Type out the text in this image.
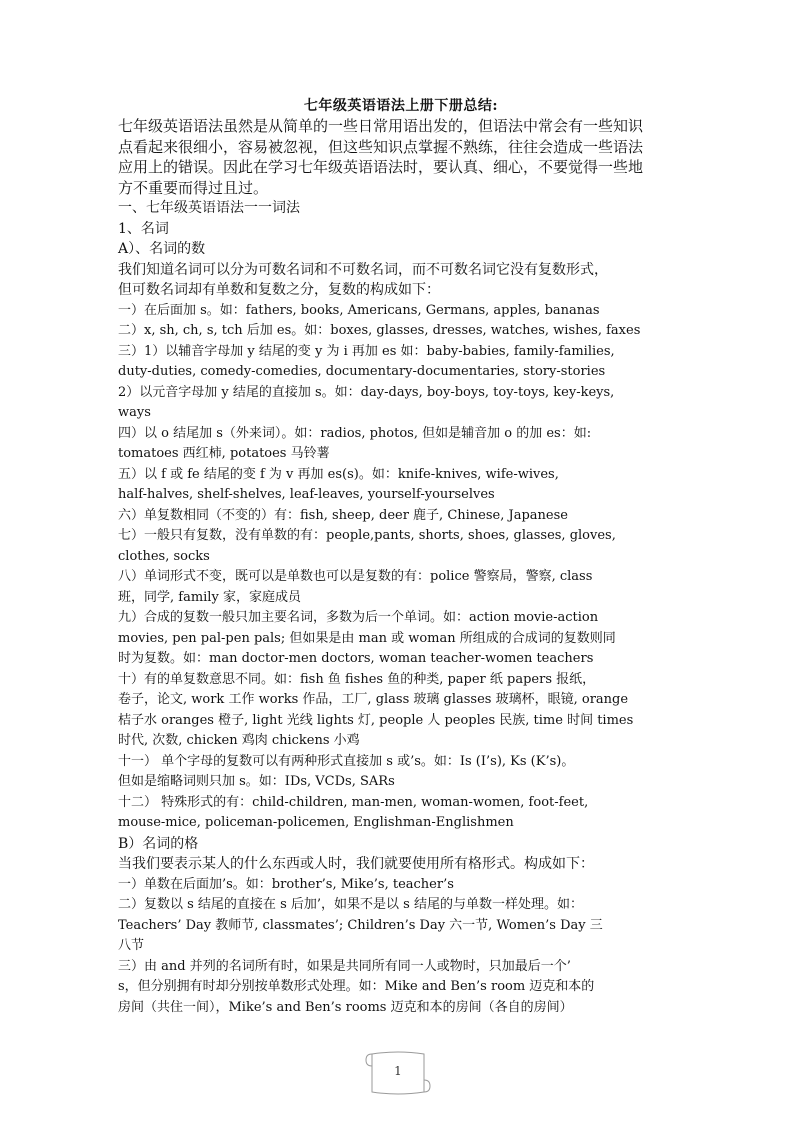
七年级英语语法上册下册总结:
七年级英语语法虽然是从简单的一些日常用语出发的，但语法中常会有一些知识
点看起来很细小，容易被忽视，但这些知识点掌握不熟练，往往会造成一些语法
应用上的错误。因此在学习七年级英语语法时，要认真、细心，不要觉得一些地
方不重要而得过且过。
一、七年级英语语法一一词法
1、名词
A）、名词的数
我们知道名词可以分为可数名词和不可数名词，而不可数名词它没有复数形式，
但可数名词却有单数和复数之分，复数的构成如下：
一）在后面加 s。如：fathers, books, Americans, Germans, apples, bananas
二）x, sh, ch, s, tch 后加 es。如：boxes, glasses, dresses, watches, wishes, faxes
三）1）以辅音字母加 y 结尾的变 y 为 i 再加 es 如：baby-babies, family-families,
duty-duties, comedy-comedies, documentary-documentaries, story-stories
2）以元音字母加 y 结尾的直接加 s。如：day-days, boy-boys, toy-toys, key-keys,
ways
四）以 o 结尾加 s（外来词）。如：radios, photos, 但如是辅音加 o 的加 es：如:
tomatoes 西红柿, potatoes 马铃薯
五）以 f 或 fe 结尾的变 f 为 v 再加 es(s)。如：knife-knives, wife-wives,
half-halves, shelf-shelves, leaf-leaves, yourself-yourselves
六）单复数相同（不变的）有：fish, sheep, deer 鹿子, Chinese, Japanese
七）一般只有复数，没有单数的有：people,pants, shorts, shoes, glasses, gloves,
clothes, socks
八）单词形式不变，既可以是单数也可以是复数的有：police 警察局，警察, class
班，同学, family 家，家庭成员
九）合成的复数一般只加主要名词，多数为后一个单词。如：action movie-action
movies, pen pal-pen pals; 但如果是由 man 或 woman 所组成的合成词的复数则同
时为复数。如：man doctor-men doctors, woman teacher-women teachers
十）有的单复数意思不同。如：fish 鱼 fishes 鱼的种类, paper 纸 papers 报纸，
卷子，论文, work 工作 works 作品，工厂, glass 玻璃 glasses 玻璃杯，眼镜, orange
桔子水 oranges 橙子, light 光线 lights 灯, people 人 peoples 民族, time 时间 times
时代, 次数, chicken 鸡肉 chickens 小鸡
十一） 单个字母的复数可以有两种形式直接加 s 或’s。如：Is (I’s), Ks (K’s)。
但如是缩略词则只加 s。如：IDs, VCDs, SARs
十二） 特殊形式的有：child-children, man-men, woman-women, foot-feet,
mouse-mice, policeman-policemen, Englishman-Englishmen
B）名词的格
当我们要表示某人的什么东西或人时，我们就要使用所有格形式。构成如下：
一）单数在后面加’s。如：brother’s, Mike’s, teacher’s
二）复数以 s 结尾的直接在 s 后加’，如果不是以 s 结尾的与单数一样处理。如：
Teachers’ Day 教师节, classmates’; Children’s Day 六一节, Women’s Day 三
八节
三）由 and 并列的名词所有时，如果是共同所有同一人或物时，只加最后一个’
s，但分别拥有时却分别按单数形式处理。如：Mike and Ben’s room 迈克和本的
房间（共住一间），Mike’s and Ben’s rooms 迈克和本的房间（各自的房间）
1
